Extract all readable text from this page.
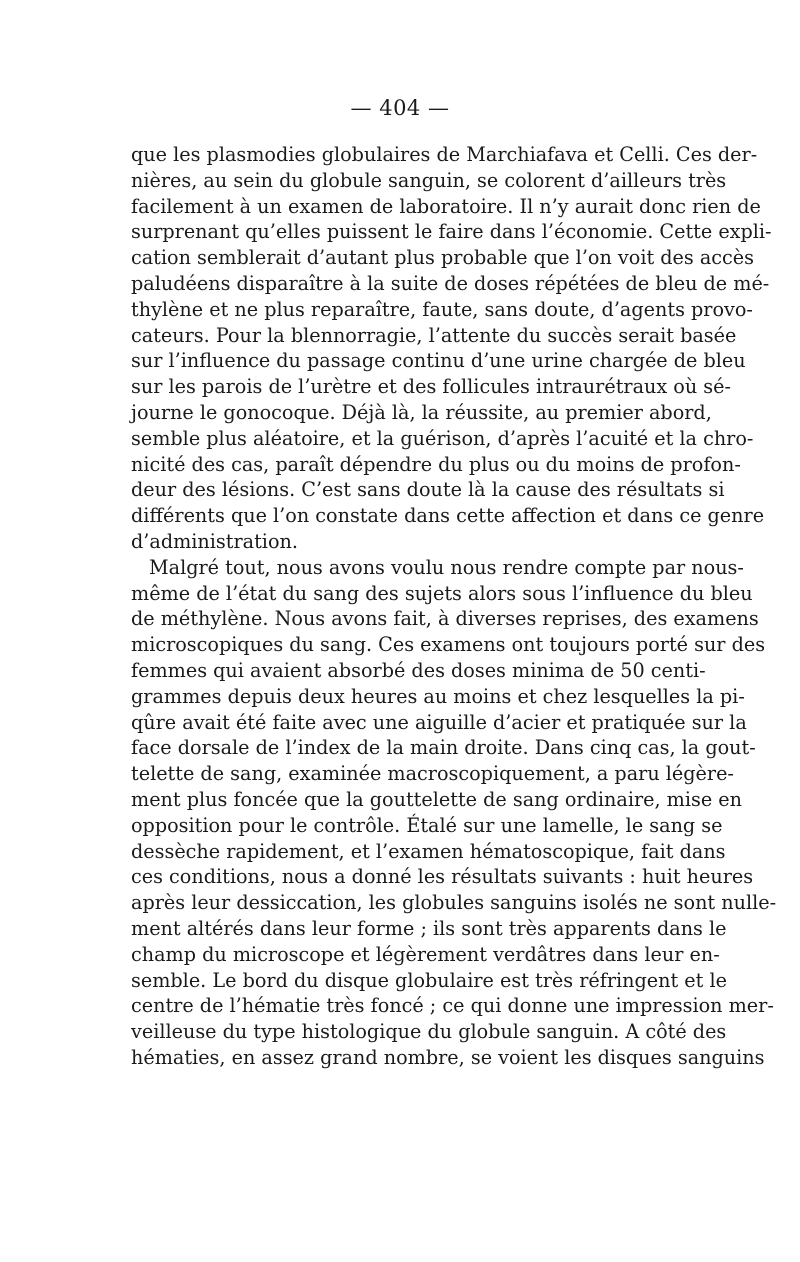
— 404 —
que les plasmodies globulaires de Marchiafava et Celli. Ces der-
nières, au sein du globule sanguin, se colorent d’ailleurs très
facilement à un examen de laboratoire. Il n’y aurait donc rien de
surprenant qu’elles puissent le faire dans l’économie. Cette expli-
cation semblerait d’autant plus probable que l’on voit des accès
paludéens disparaître à la suite de doses répétées de bleu de mé-
thylène et ne plus reparaître, faute, sans doute, d’agents provo-
cateurs. Pour la blennorragie, l’attente du succès serait basée
sur l’influence du passage continu d’une urine chargée de bleu
sur les parois de l’urètre et des follicules intraurétraux où sé-
journe le gonocoque. Déjà là, la réussite, au premier abord,
semble plus aléatoire, et la guérison, d’après l’acuité et la chro-
nicité des cas, paraît dépendre du plus ou du moins de profon-
deur des lésions. C’est sans doute là la cause des résultats si
différents que l’on constate dans cette affection et dans ce genre
d’administration.
Malgré tout, nous avons voulu nous rendre compte par nous-
même de l’état du sang des sujets alors sous l’influence du bleu
de méthylène. Nous avons fait, à diverses reprises, des examens
microscopiques du sang. Ces examens ont toujours porté sur des
femmes qui avaient absorbé des doses minima de 50 centi-
grammes depuis deux heures au moins et chez lesquelles la pi-
qûre avait été faite avec une aiguille d’acier et pratiquée sur la
face dorsale de l’index de la main droite. Dans cinq cas, la gout-
telette de sang, examinée macroscopiquement, a paru légère-
ment plus foncée que la gouttelette de sang ordinaire, mise en
opposition pour le contrôle. Étalé sur une lamelle, le sang se
dessèche rapidement, et l’examen hématoscopique, fait dans
ces conditions, nous a donné les résultats suivants : huit heures
après leur dessiccation, les globules sanguins isolés ne sont nulle-
ment altérés dans leur forme ; ils sont très apparents dans le
champ du microscope et légèrement verdâtres dans leur en-
semble. Le bord du disque globulaire est très réfringent et le
centre de l’hématie très foncé ; ce qui donne une impression mer-
veilleuse du type histologique du globule sanguin. A côté des
hématies, en assez grand nombre, se voient les disques sanguins
